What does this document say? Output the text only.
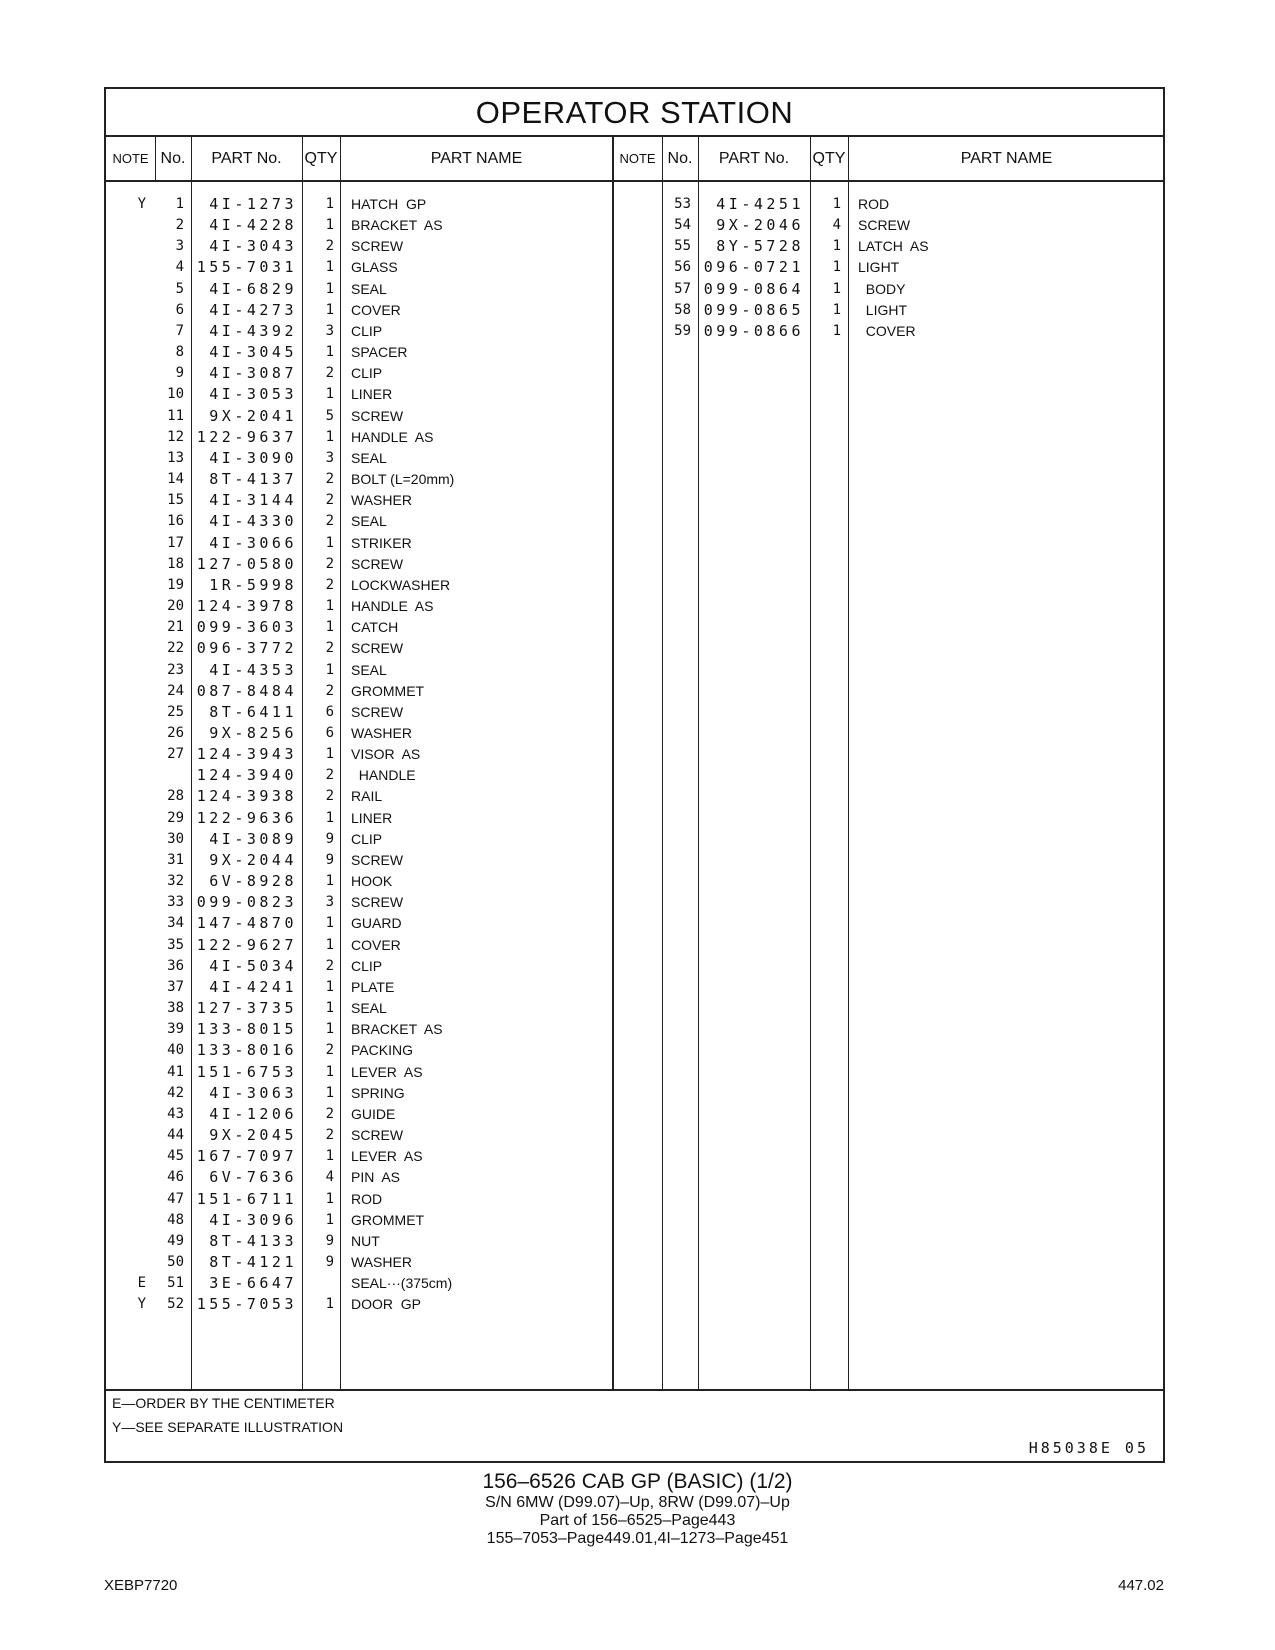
OPERATOR STATION
NOTE No.	PART No.	QTY	PART NAME	NOTE No.	PART No.	QTY	PART NAME
Y	1	4I-1273	1 HATCH  GP
2	4I-4228	1 BRACKET  AS
3	4I-3043	2 SCREW
4 155-7031	1 GLASS
5	4I-6829	1 SEAL
6	4I-4273	1 COVER
7	4I-4392	3 CLIP
8	4I-3045	1 SPACER
9	4I-3087	2 CLIP
10	4I-3053	1 LINER
11	9X-2041	5 SCREW
12 122-9637	1 HANDLE  AS
13	4I-3090	3 SEAL
14	8T-4137	2 BOLT (L=20mm)
15	4I-3144	2 WASHER
16	4I-4330	2 SEAL
17	4I-3066	1 STRIKER
18 127-0580	2 SCREW
19	1R-5998	2 LOCKWASHER
20 124-3978	1 HANDLE  AS
21 099-3603	1 CATCH
22 096-3772	2 SCREW
23	4I-4353	1 SEAL
24 087-8484	2 GROMMET
25	8T-6411	6 SCREW
26	9X-8256	6 WASHER
27 124-3943	1 VISOR  AS
124-3940	2 HANDLE
28 124-3938	2 RAIL
29 122-9636	1 LINER
30	4I-3089	9 CLIP
31	9X-2044	9 SCREW
32	6V-8928	1 HOOK
33 099-0823	3 SCREW
34 147-4870	1 GUARD
35 122-9627	1 COVER
36	4I-5034	2 CLIP
37	4I-4241	1 PLATE
38 127-3735	1 SEAL
39 133-8015	1 BRACKET  AS
40 133-8016	2 PACKING
41 151-6753	1 LEVER  AS
42	4I-3063	1 SPRING
43	4I-1206	2 GUIDE
44	9X-2045	2 SCREW
45 167-7097	1 LEVER  AS
46	6V-7636	4 PIN  AS
47 151-6711	1 ROD
48	4I-3096	1 GROMMET
49	8T-4133	9 NUT
50	8T-4121	9 WASHER
E	51	3E-6647	SEAL···(375cm)
Y	52 155-7053	1 DOOR  GP
53	4I-4251	1 ROD
54	9X-2046	4 SCREW
55	8Y-5728	1 LATCH  AS
56 096-0721	1 LIGHT
57 099-0864	1 BODY
58 099-0865	1 LIGHT
59 099-0866	1 COVER
E—ORDER BY THE CENTIMETER
Y—SEE SEPARATE ILLUSTRATION
H85038E 05
156–6526 CAB GP (BASIC) (1/2)
S/N 6MW (D99.07)–Up, 8RW (D99.07)–Up
Part of 156–6525–Page443
155–7053–Page449.01,4I–1273–Page451
XEBP7720	447.02
